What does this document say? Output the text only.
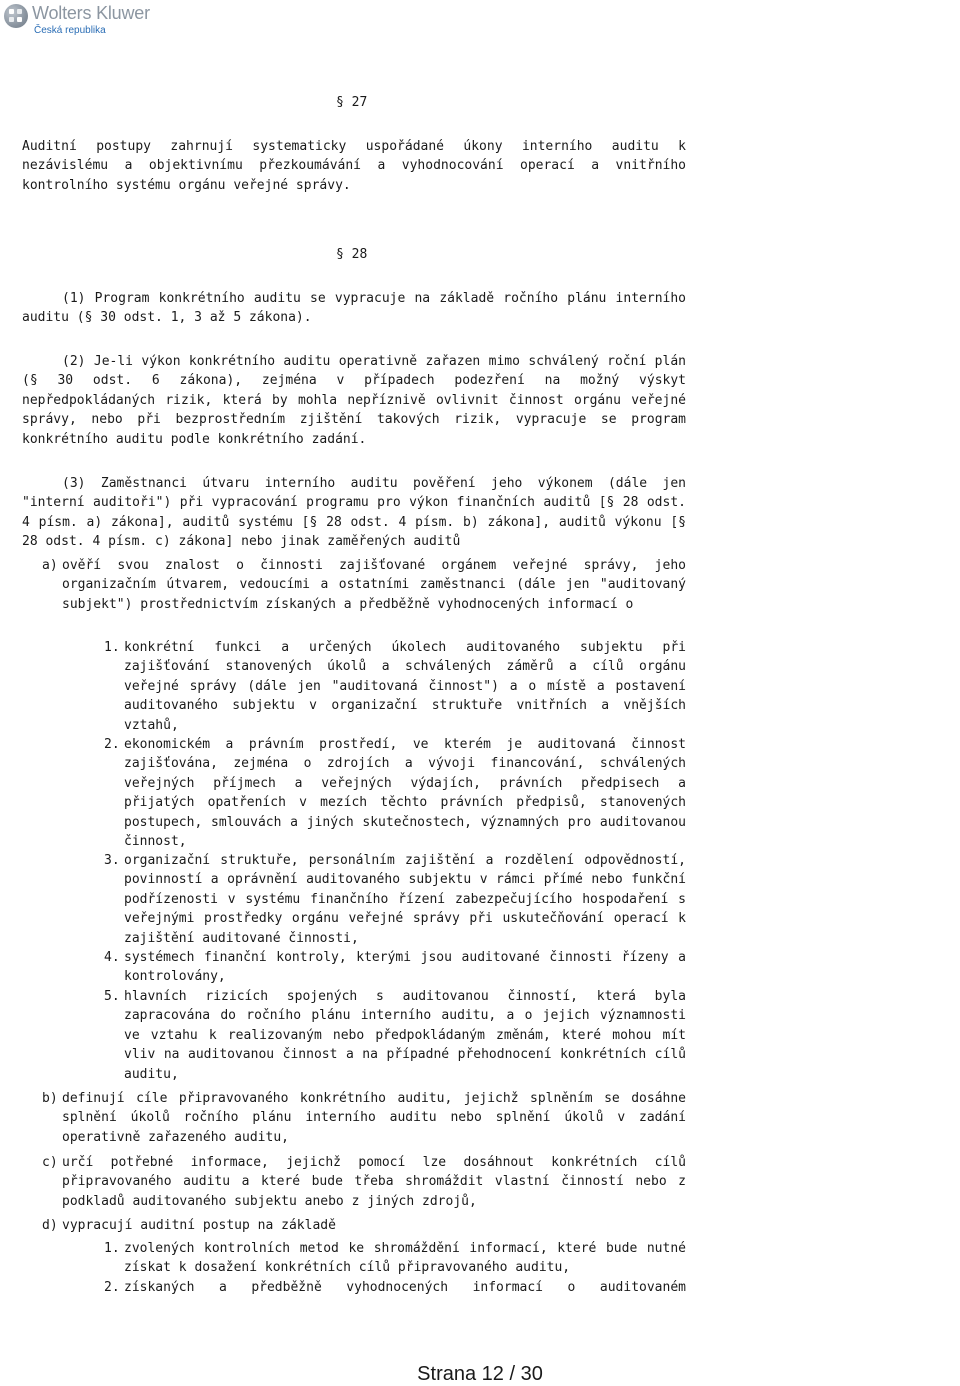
Wolters Kluwer
Česká republika

§ 27

Auditní postupy zahrnují systematicky uspořádané úkony interního auditu k nezávislému a objektivnímu přezkoumávání a vyhodnocování operací a vnitřního kontrolního systému orgánu veřejné správy.

§ 28

(1) Program konkrétního auditu se vypracuje na základě ročního plánu interního auditu (§ 30 odst. 1, 3 až 5 zákona).

(2) Je-li výkon konkrétního auditu operativně zařazen mimo schválený roční plán (§ 30 odst. 6 zákona), zejména v případech podezření na možný výskyt nepředpokládaných rizik, která by mohla nepříznivě ovlivnit činnost orgánu veřejné správy, nebo při bezprostředním zjištění takových rizik, vypracuje se program konkrétního auditu podle konkrétního zadání.

(3) Zaměstnanci útvaru interního auditu pověření jeho výkonem (dále jen "interní auditoři") při vypracování programu pro výkon finančních auditů [§ 28 odst. 4 písm. a) zákona], auditů systému [§ 28 odst. 4 písm. b) zákona], auditů výkonu [§ 28 odst. 4 písm. c) zákona] nebo jinak zaměřených auditů

a) ověří svou znalost o činnosti zajišťované orgánem veřejné správy, jeho organizačním útvarem, vedoucími a ostatními zaměstnanci (dále jen "auditovaný subjekt") prostřednictvím získaných a předběžně vyhodnocených informací o

1. konkrétní funkci a určených úkolech auditovaného subjektu při zajišťování stanovených úkolů a schválených záměrů a cílů orgánu veřejné správy (dále jen "auditovaná činnost") a o místě a postavení auditovaného subjektu v organizační struktuře vnitřních a vnějších vztahů,

2. ekonomickém a právním prostředí, ve kterém je auditovaná činnost zajišťována, zejména o zdrojích a vývoji financování, schválených veřejných příjmech a veřejných výdajích, právních předpisech a přijatých opatřeních v mezích těchto právních předpisů, stanovených postupech, smlouvách a jiných skutečnostech, významných pro auditovanou činnost,

3. organizační struktuře, personálním zajištění a rozdělení odpovědností, povinností a oprávnění auditovaného subjektu v rámci přímé nebo funkční podřízenosti v systému finančního řízení zabezpečujícího hospodaření s veřejnými prostředky orgánu veřejné správy při uskutečňování operací k zajištění auditované činnosti,

4. systémech finanční kontroly, kterými jsou auditované činnosti řízeny a kontrolovány,

5. hlavních rizicích spojených s auditovanou činností, která byla zapracována do ročního plánu interního auditu, a o jejich významnosti ve vztahu k realizovaným nebo předpokládaným změnám, které mohou mít vliv na auditovanou činnost a na případné přehodnocení konkrétních cílů auditu,

b) definují cíle připravovaného konkrétního auditu, jejichž splněním se dosáhne splnění úkolů ročního plánu interního auditu nebo splnění úkolů v zadání operativně zařazeného auditu,

c) určí potřebné informace, jejichž pomocí lze dosáhnout konkrétních cílů připravovaného auditu a které bude třeba shromáždit vlastní činností nebo z podkladů auditovaného subjektu anebo z jiných zdrojů,

d) vypracují auditní postup na základě

1. zvolených kontrolních metod ke shromáždění informací, které bude nutné získat k dosažení konkrétních cílů připravovaného auditu,

2. získaných a předběžně vyhodnocených informací o auditovaném

Strana 12 / 30
